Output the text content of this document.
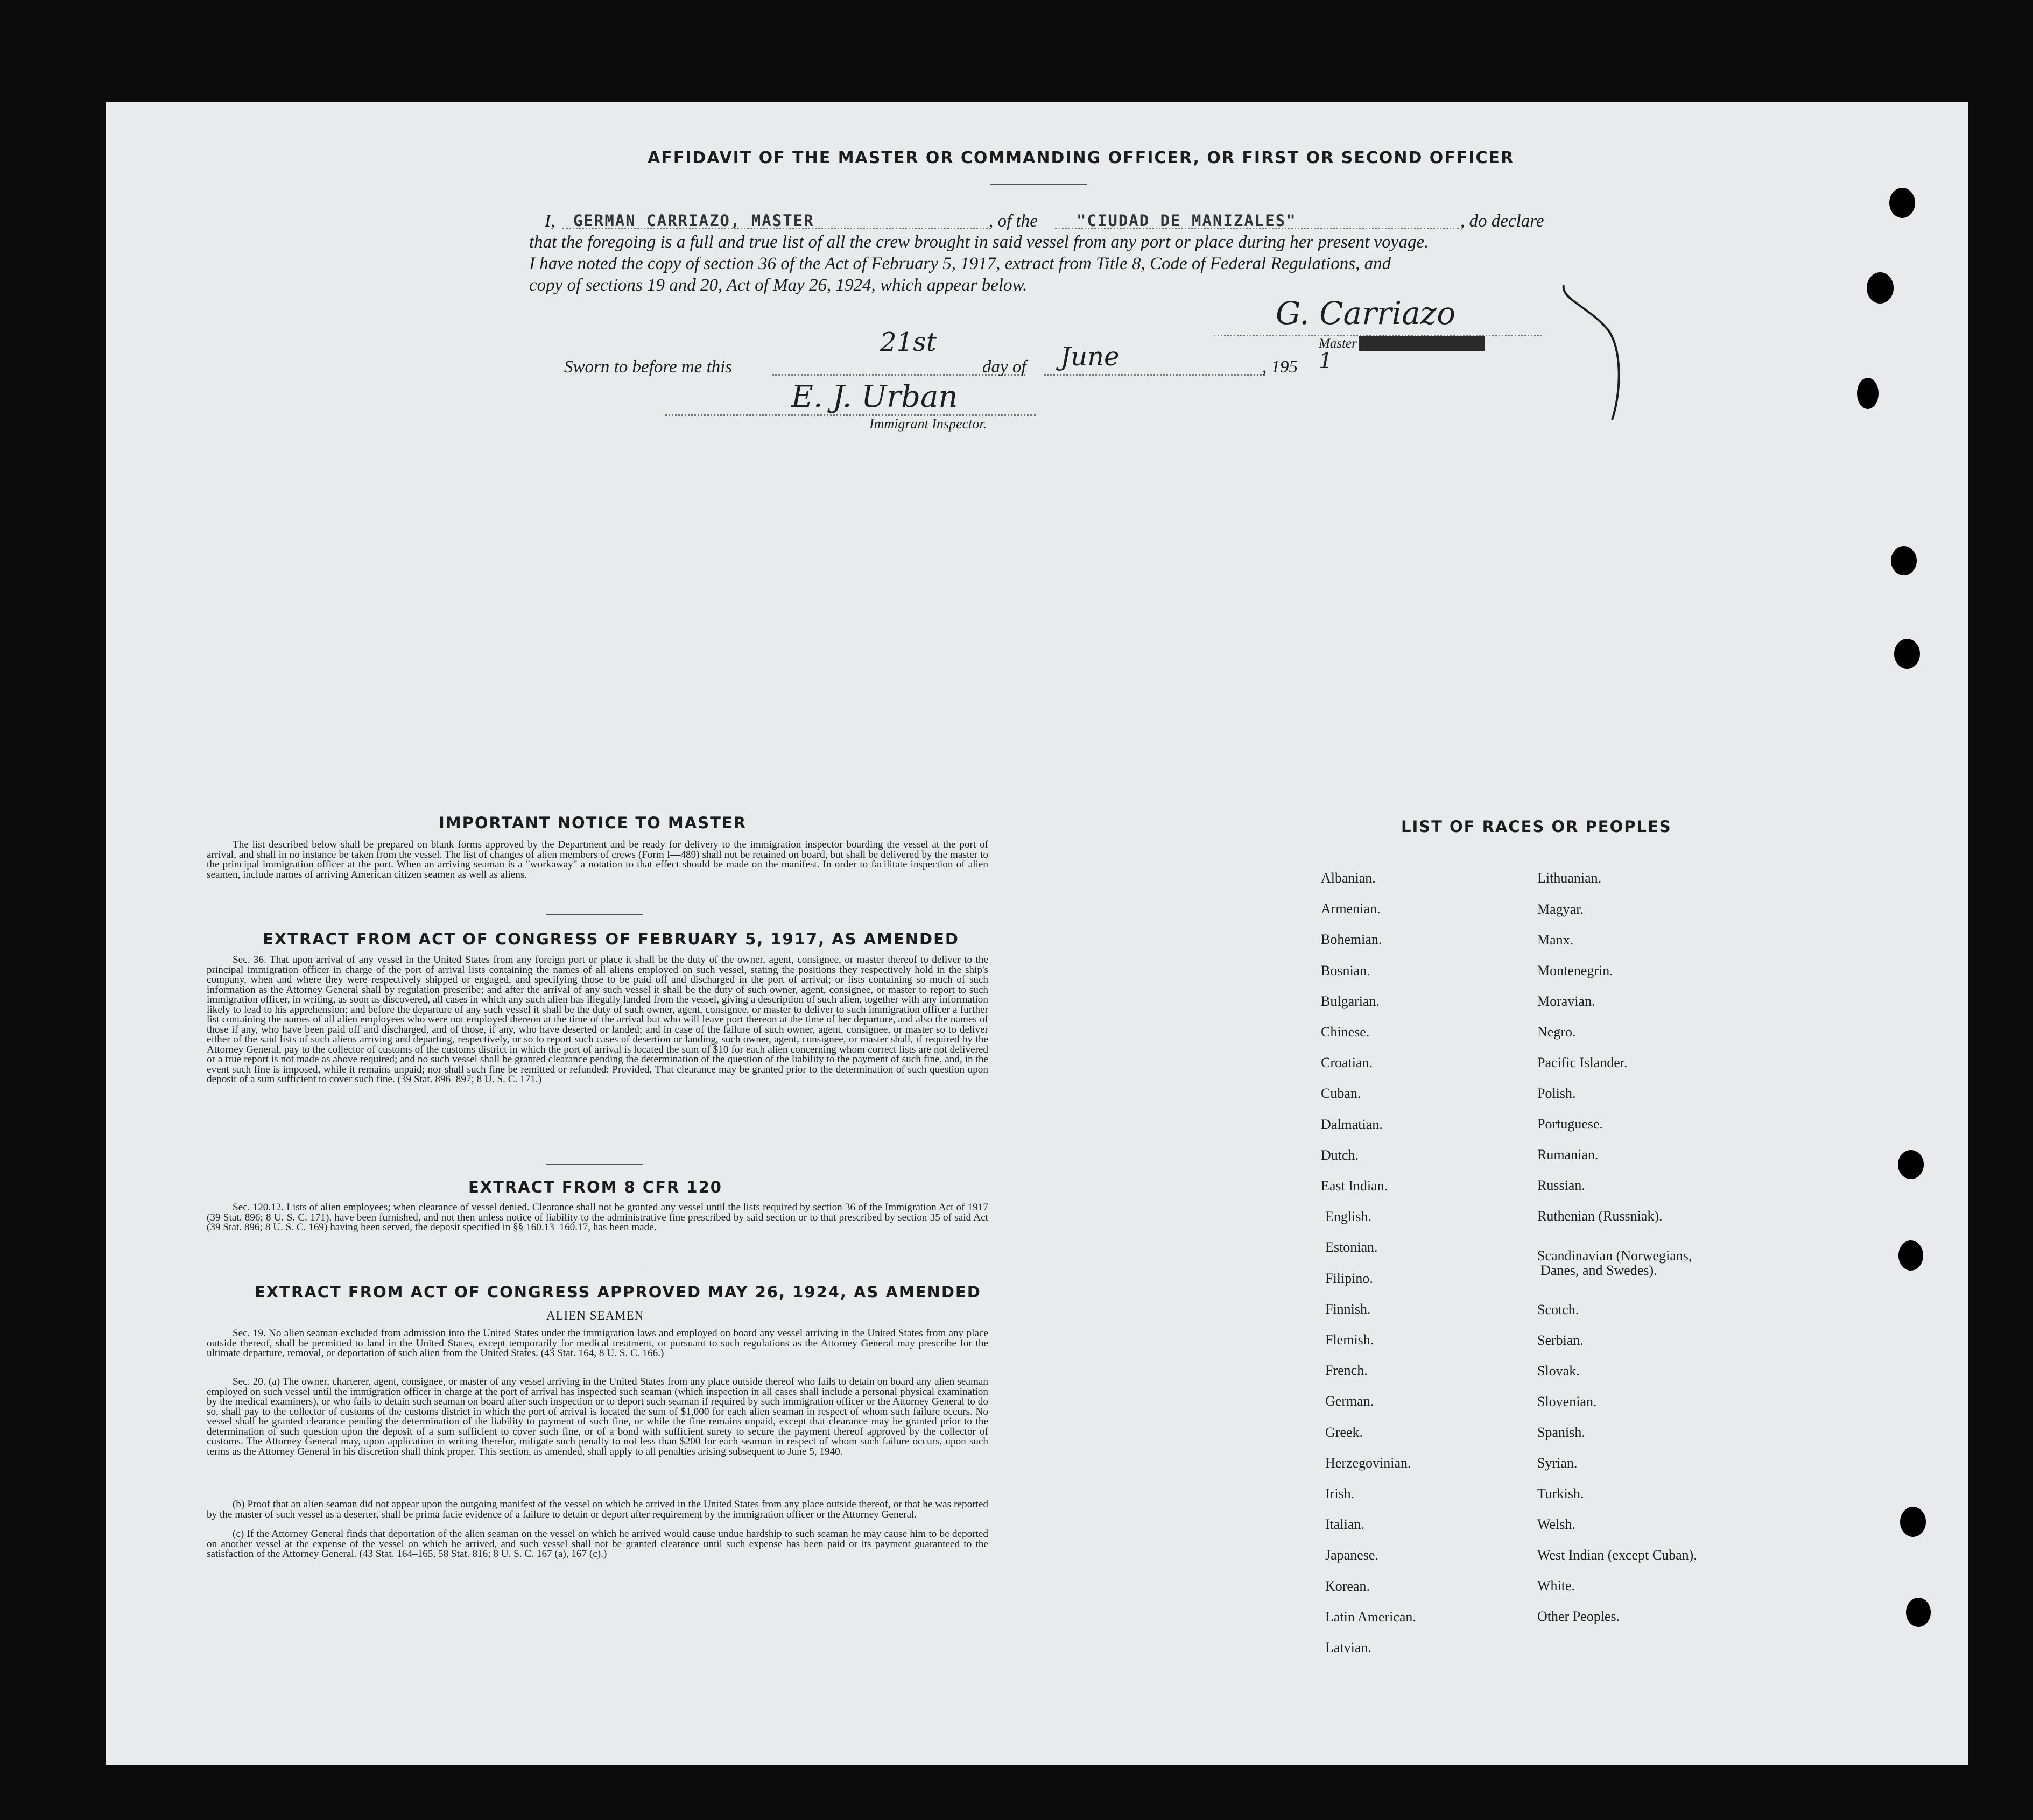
AFFIDAVIT OF THE MASTER OR COMMANDING OFFICER, OR FIRST OR SECOND OFFICER
I, GERMAN CARRIAZO, MASTER	, of the "CIUDAD DE MANIZALES"	, do declare
that the foregoing is a full and true list of all the crew brought in said vessel from any port or place during her present voyage.
I have noted the copy of section 36 of the Act of February 5, 1917, extract from Title 8, Code of Federal Regulations, and
copy of sections 19 and 20, Act of May 26, 1924, which appear below.
G. Carriazo
Master First or Second Officer
Sworn to before me this
21st
day of June	, 195 1
E. J. Urban
Immigrant Inspector.
IMPORTANT NOTICE TO MASTER

The list described below shall be prepared on blank forms approved by the Department and be ready for delivery to the immigration inspector boarding the vessel at the port of arrival, and shall in no instance be taken from the vessel. The list of changes of alien members of crews (Form I—489) shall not be retained on board, but shall be delivered by the master to the principal immigration officer at the port. When an arriving seaman is a "workaway" a notation to that effect should be made on the manifest. In order to facilitate inspection of alien seamen, include names of arriving American citizen seamen as well as aliens.

EXTRACT FROM ACT OF CONGRESS OF FEBRUARY 5, 1917, AS AMENDED

Sec. 36. That upon arrival of any vessel in the United States from any foreign port or place it shall be the duty of the owner, agent, consignee, or master thereof to deliver to the principal immigration officer in charge of the port of arrival lists containing the names of all aliens employed on such vessel, stating the positions they respectively hold in the ship's company, when and where they were respectively shipped or engaged, and specifying those to be paid off and discharged in the port of arrival; or lists containing so much of such information as the Attorney General shall by regulation prescribe; and after the arrival of any such vessel it shall be the duty of such owner, agent, consignee, or master to report to such immigration officer, in writing, as soon as discovered, all cases in which any such alien has illegally landed from the vessel, giving a description of such alien, together with any information likely to lead to his apprehension; and before the departure of any such vessel it shall be the duty of such owner, agent, consignee, or master to deliver to such immigration officer a further list containing the names of all alien employees who were not employed thereon at the time of the arrival but who will leave port thereon at the time of her departure, and also the names of those if any, who have been paid off and discharged, and of those, if any, who have deserted or landed; and in case of the failure of such owner, agent, consignee, or master so to deliver either of the said lists of such aliens arriving and departing, respectively, or so to report such cases of desertion or landing, such owner, agent, consignee, or master shall, if required by the Attorney General, pay to the collector of customs of the customs district in which the port of arrival is located the sum of $10 for each alien concerning whom correct lists are not delivered or a true report is not made as above required; and no such vessel shall be granted clearance pending the determination of the question of the liability to the payment of such fine, and, in the event such fine is imposed, while it remains unpaid; nor shall such fine be remitted or refunded: Provided, That clearance may be granted prior to the determination of such question upon deposit of a sum sufficient to cover such fine. (39 Stat. 896–897; 8 U. S. C. 171.)

EXTRACT FROM 8 CFR 120

Sec. 120.12. Lists of alien employees; when clearance of vessel denied. Clearance shall not be granted any vessel until the lists required by section 36 of the Immigration Act of 1917 (39 Stat. 896; 8 U. S. C. 171), have been furnished, and not then unless notice of liability to the administrative fine prescribed by said section or to that prescribed by section 35 of said Act (39 Stat. 896; 8 U. S. C. 169) having been served, the deposit specified in §§ 160.13–160.17, has been made.

EXTRACT FROM ACT OF CONGRESS APPROVED MAY 26, 1924, AS AMENDED
ALIEN SEAMEN

Sec. 19. No alien seaman excluded from admission into the United States under the immigration laws and employed on board any vessel arriving in the United States from any place outside thereof, shall be permitted to land in the United States, except temporarily for medical treatment, or pursuant to such regulations as the Attorney General may prescribe for the ultimate departure, removal, or deportation of such alien from the United States. (43 Stat. 164, 8 U. S. C. 166.)

Sec. 20. (a) The owner, charterer, agent, consignee, or master of any vessel arriving in the United States from any place outside thereof who fails to detain on board any alien seaman employed on such vessel until the immigration officer in charge at the port of arrival has inspected such seaman (which inspection in all cases shall include a personal physical examination by the medical examiners), or who fails to detain such seaman on board after such inspection or to deport such seaman if required by such immigration officer or the Attorney General to do so, shall pay to the collector of customs of the customs district in which the port of arrival is located the sum of $1,000 for each alien seaman in respect of whom such failure occurs. No vessel shall be granted clearance pending the determination of the liability to payment of such fine, or while the fine remains unpaid, except that clearance may be granted prior to the determination of such question upon the deposit of a sum sufficient to cover such fine, or of a bond with sufficient surety to secure the payment thereof approved by the collector of customs. The Attorney General may, upon application in writing therefor, mitigate such penalty to not less than $200 for each seaman in respect of whom such failure occurs, upon such terms as the Attorney General in his discretion shall think proper. This section, as amended, shall apply to all penalties arising subsequent to June 5, 1940.

(b) Proof that an alien seaman did not appear upon the outgoing manifest of the vessel on which he arrived in the United States from any place outside thereof, or that he was reported by the master of such vessel as a deserter, shall be prima facie evidence of a failure to detain or deport after requirement by the immigration officer or the Attorney General.

(c) If the Attorney General finds that deportation of the alien seaman on the vessel on which he arrived would cause undue hardship to such seaman he may cause him to be deported on another vessel at the expense of the vessel on which he arrived, and such vessel shall not be granted clearance until such expense has been paid or its payment guaranteed to the satisfaction of the Attorney General. (43 Stat. 164–165, 58 Stat. 816; 8 U. S. C. 167 (a), 167 (c).)

LIST OF RACES OR PEOPLES
Albanian.
Armenian.
Bohemian.
Bosnian.
Bulgarian.
Chinese.
Croatian.
Cuban.
Dalmatian.
Dutch.
East Indian.
English.
Estonian.
Filipino.
Finnish.
Flemish.
French.
German.
Greek.
Herzegovinian.
Irish.
Italian.
Japanese.
Korean.
Latin American.
Latvian.
Lithuanian.
Magyar.
Manx.
Montenegrin.
Moravian.
Negro.
Pacific Islander.
Polish.
Portuguese.
Rumanian.
Russian.
Ruthenian (Russniak).
Scandinavian (Norwegians,
Danes, and Swedes).
Scotch.
Serbian.
Slovak.
Slovenian.
Spanish.
Syrian.
Turkish.
Welsh.
West Indian (except Cuban).
White.
Other Peoples.
